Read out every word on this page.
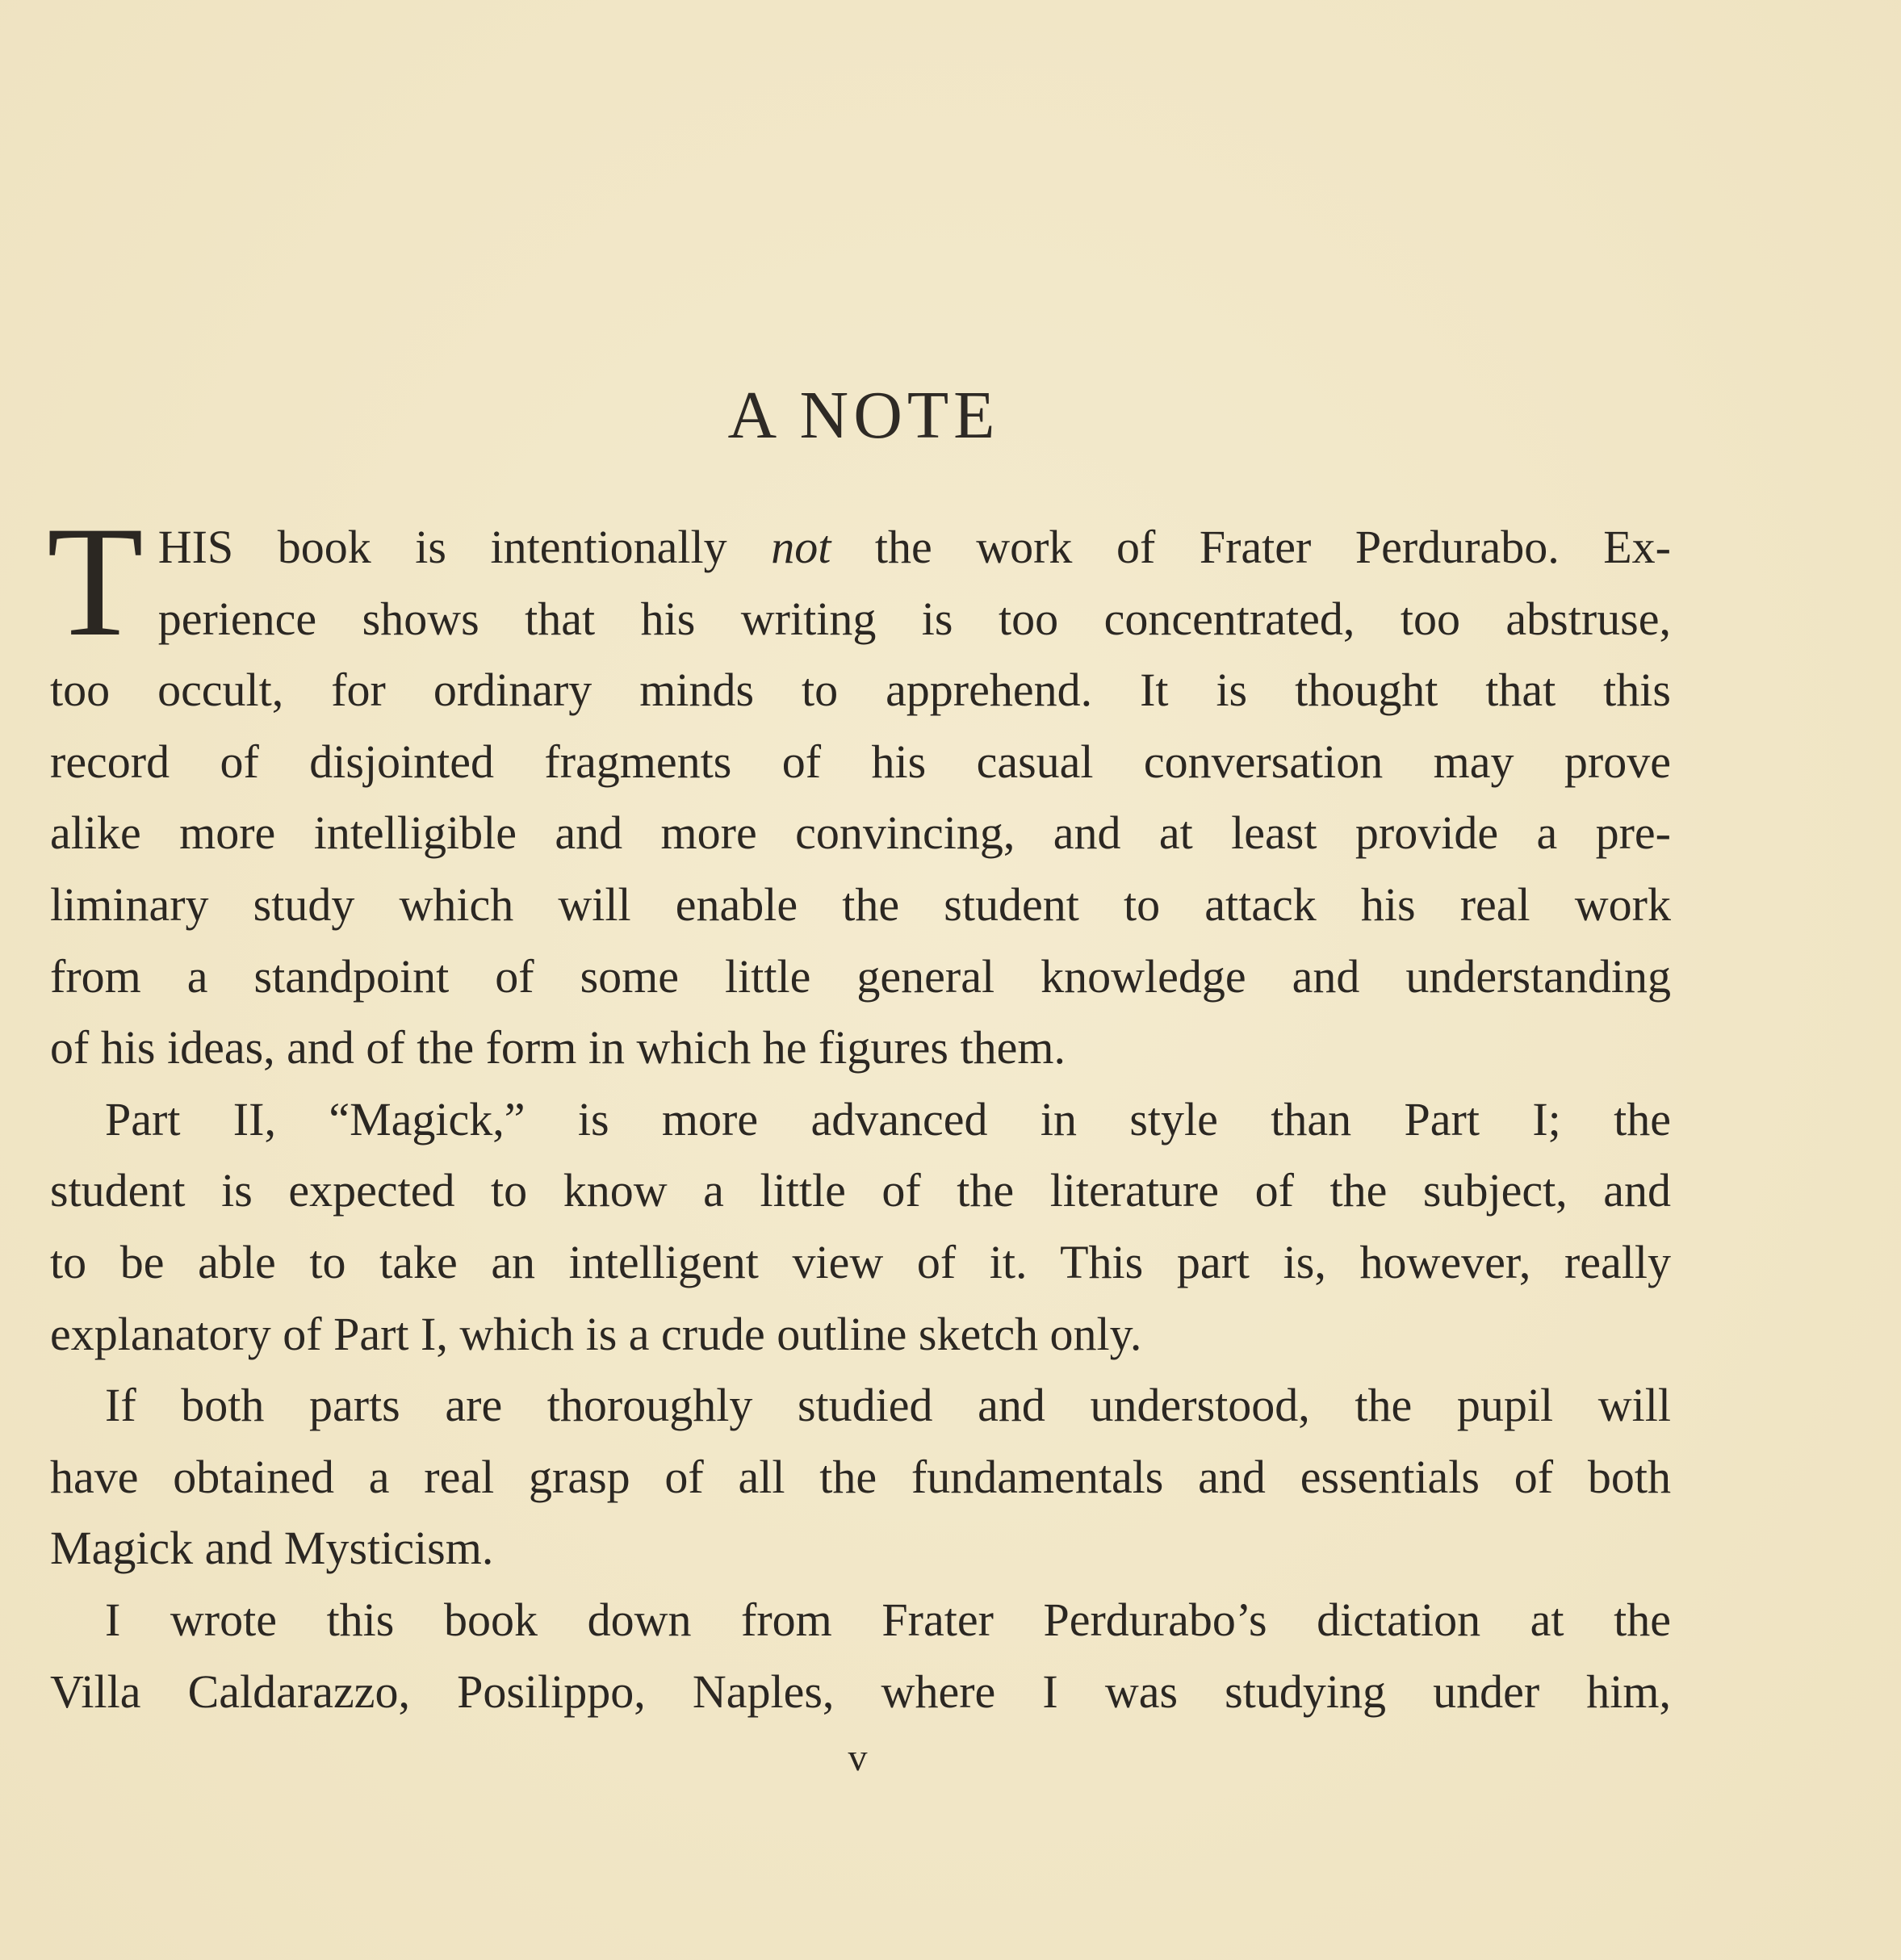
A NOTE
T HIS book is intentionally not the work of Frater Perdurabo. Ex-

perience shows that his writing is too concentrated, too abstruse,

too occult, for ordinary minds to apprehend. It is thought that this

record of disjointed fragments of his casual conversation may prove

alike more intelligible and more convincing, and at least provide a pre-

liminary study which will enable the student to attack his real work

from a standpoint of some little general knowledge and understanding

of his ideas, and of the form in which he figures them.

Part II, “Magick,” is more advanced in style than Part I; the

student is expected to know a little of the literature of the subject, and

to be able to take an intelligent view of it. This part is, however, really

explanatory of Part I, which is a crude outline sketch only.

If both parts are thoroughly studied and understood, the pupil will

have obtained a real grasp of all the fundamentals and essentials of both

Magick and Mysticism.

I wrote this book down from Frater Perdurabo’s dictation at the

Villa Caldarazzo, Posilippo, Naples, where I was studying under him,

v
